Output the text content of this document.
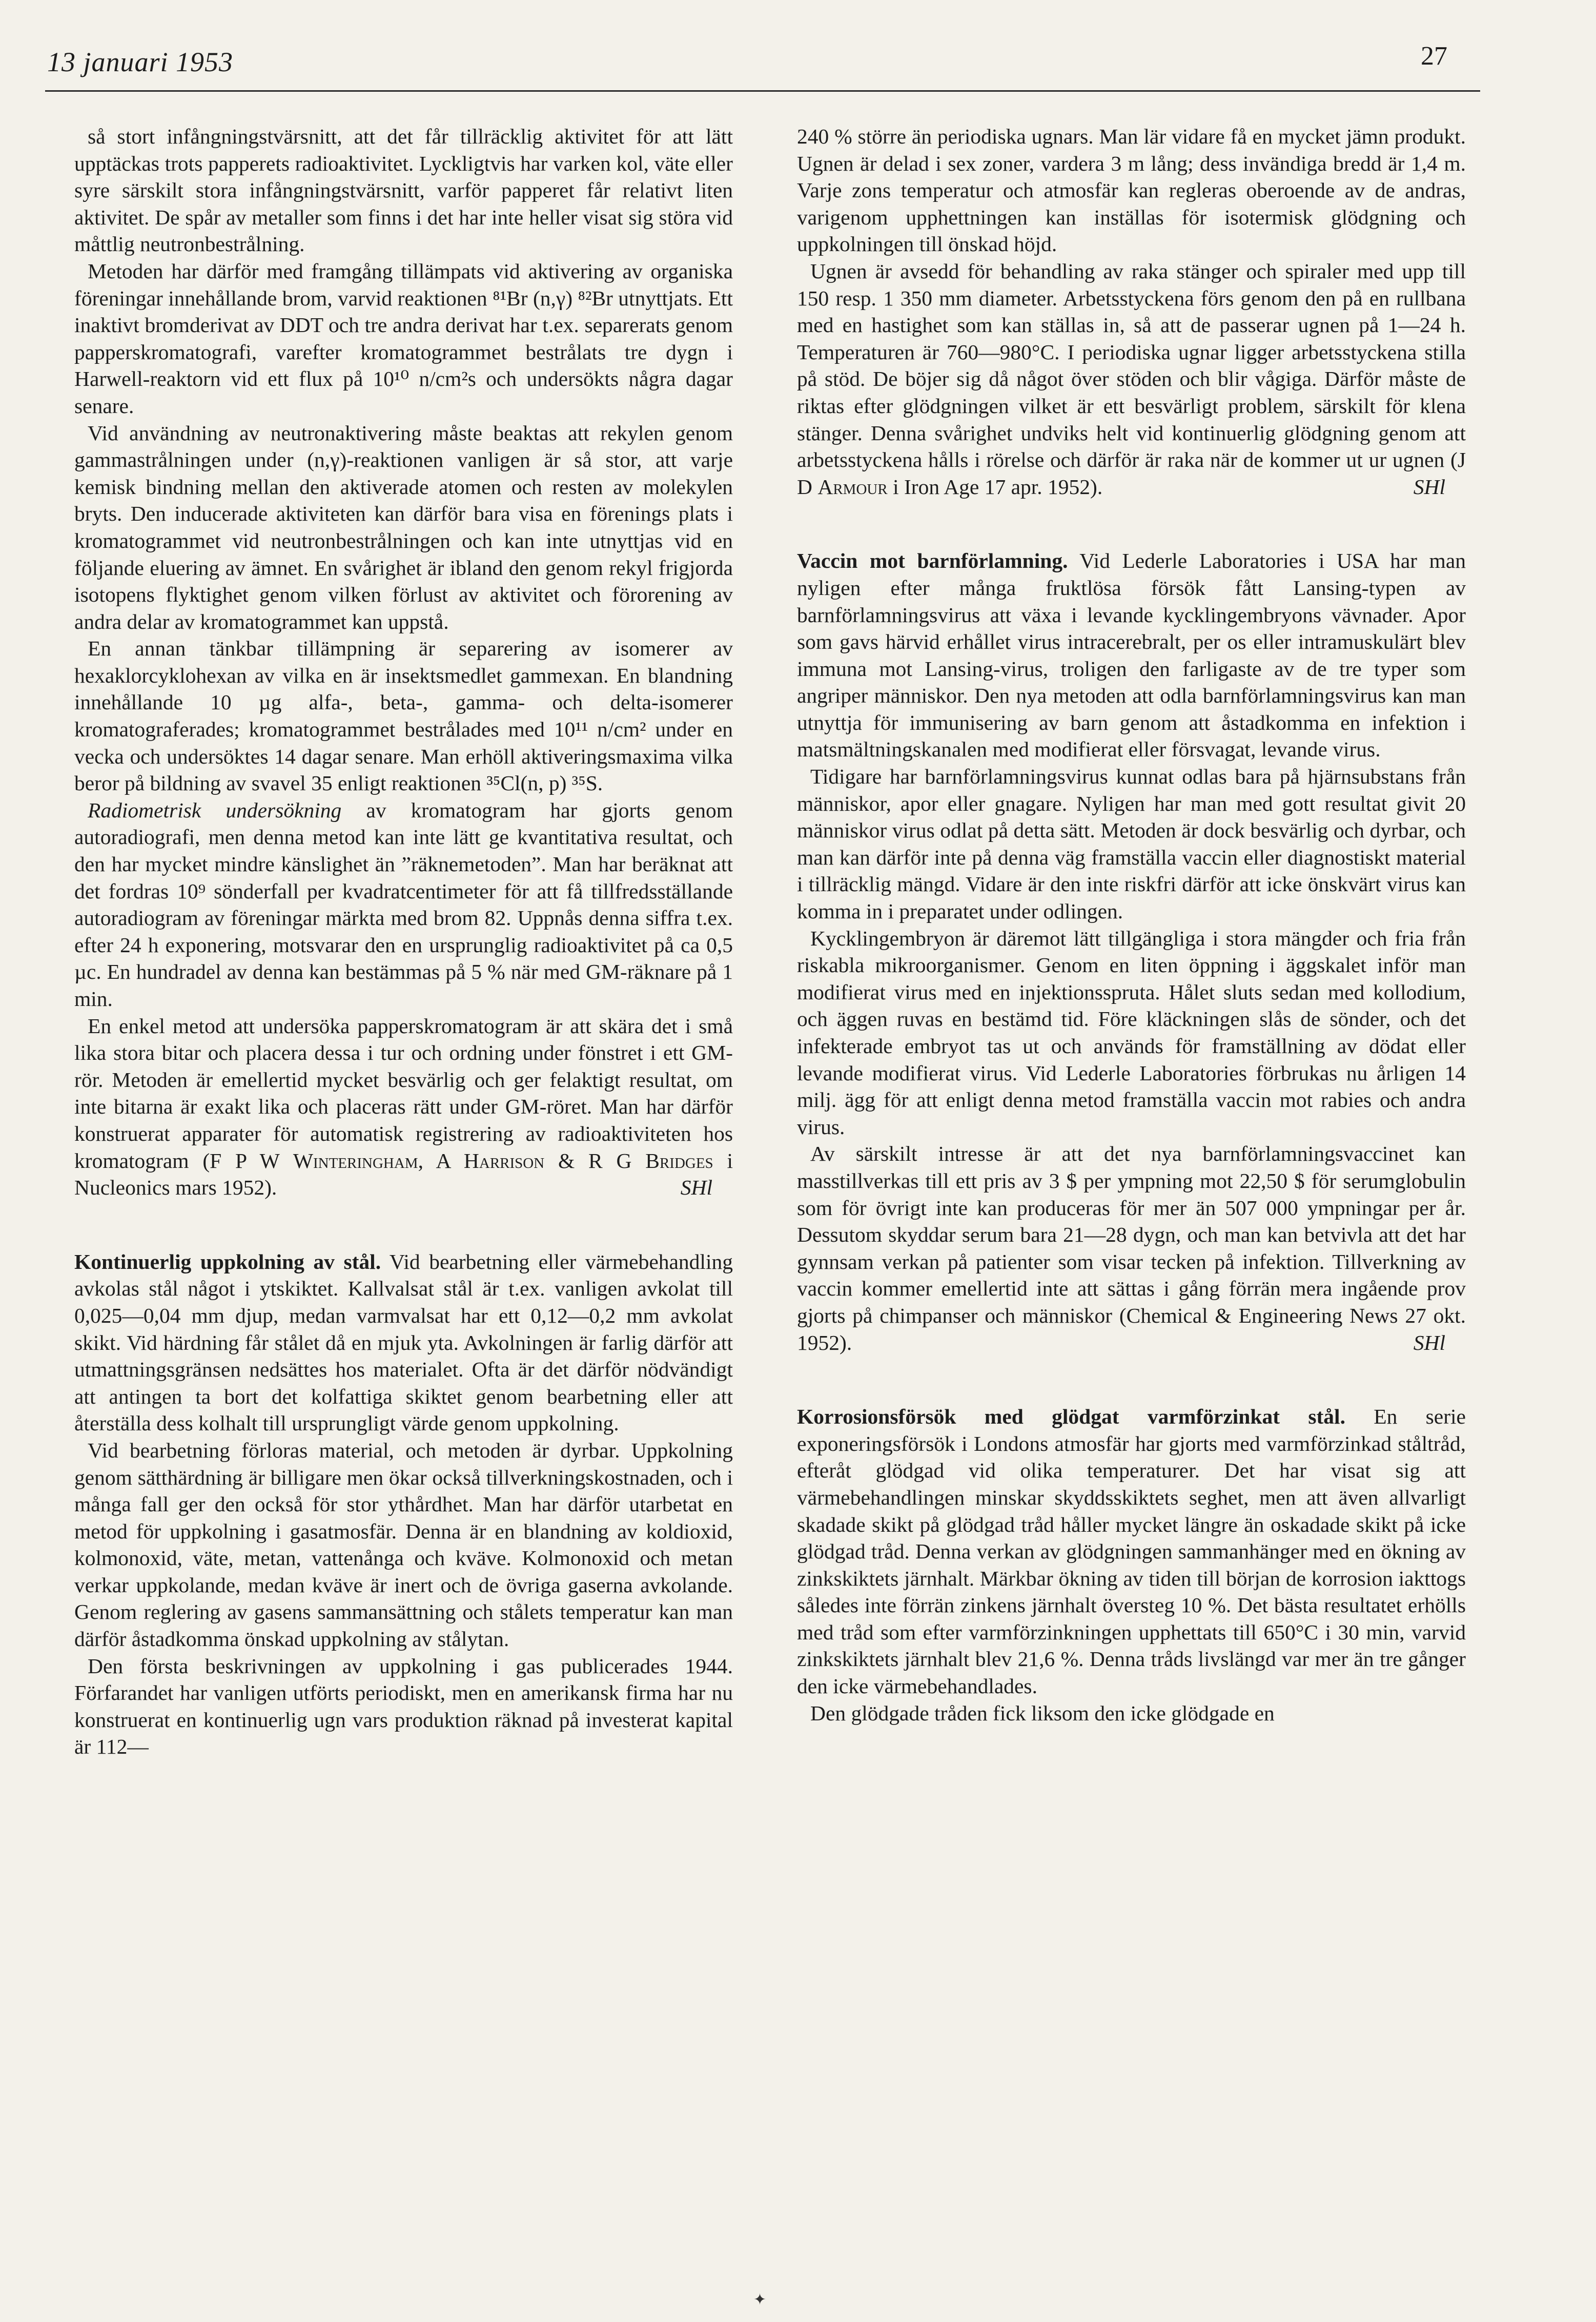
13 januari 1953	27

så stort infångningstvärsnitt, att det får tillräcklig aktivitet för att lätt upptäckas trots papperets radioaktivitet. Lyckligtvis har varken kol, väte eller syre särskilt stora infångningstvärsnitt, varför papperet får relativt liten aktivitet. De spår av metaller som finns i det har inte heller visat sig störa vid måttlig neutronbestrålning.

Metoden har därför med framgång tillämpats vid aktivering av organiska föreningar innehållande brom, varvid reaktionen ⁸¹Br (n,γ) ⁸²Br utnyttjats. Ett inaktivt bromderivat av DDT och tre andra derivat har t.ex. separerats genom papperskromatografi, varefter kromatogrammet bestrålats tre dygn i Harwell-reaktorn vid ett flux på 10¹⁰ n/cm²s och undersökts några dagar senare.

Vid användning av neutronaktivering måste beaktas att rekylen genom gammastrålningen under (n,γ)-reaktionen vanligen är så stor, att varje kemisk bindning mellan den aktiverade atomen och resten av molekylen bryts. Den inducerade aktiviteten kan därför bara visa en förenings plats i kromatogrammet vid neutronbestrålningen och kan inte utnyttjas vid en följande eluering av ämnet. En svårighet är ibland den genom rekyl frigjorda isotopens flyktighet genom vilken förlust av aktivitet och förorening av andra delar av kromatogrammet kan uppstå.

En annan tänkbar tillämpning är separering av isomerer av hexaklorcyklohexan av vilka en är insektsmedlet gammexan. En blandning innehållande 10 µg alfa-, beta-, gamma- och delta-isomerer kromatograferades; kromatogrammet bestrålades med 10¹¹ n/cm² under en vecka och undersöktes 14 dagar senare. Man erhöll aktiveringsmaxima vilka beror på bildning av svavel 35 enligt reaktionen ³⁵Cl(n, p) ³⁵S.

Radiometrisk undersökning av kromatogram har gjorts genom autoradiografi, men denna metod kan inte lätt ge kvantitativa resultat, och den har mycket mindre känslighet än ”räknemetoden”. Man har beräknat att det fordras 10⁹ sönderfall per kvadratcentimeter för att få tillfredsställande autoradiogram av föreningar märkta med brom 82. Uppnås denna siffra t.ex. efter 24 h exponering, motsvarar den en ursprunglig radioaktivitet på ca 0,5 µc. En hundradel av denna kan bestämmas på 5 % när med GM-räknare på 1 min.

En enkel metod att undersöka papperskromatogram är att skära det i små lika stora bitar och placera dessa i tur och ordning under fönstret i ett GM-rör. Metoden är emellertid mycket besvärlig och ger felaktigt resultat, om inte bitarna är exakt lika och placeras rätt under GM-röret. Man har därför konstruerat apparater för automatisk registrering av radioaktiviteten hos kromatogram (F P W Winteringham, A Harrison & R G Bridges i Nucleonics mars 1952).	SHl

Kontinuerlig uppkolning av stål. Vid bearbetning eller värmebehandling avkolas stål något i ytskiktet. Kallvalsat stål är t.ex. vanligen avkolat till 0,025—0,04 mm djup, medan varmvalsat har ett 0,12—0,2 mm avkolat skikt. Vid härdning får stålet då en mjuk yta. Avkolningen är farlig därför att utmattningsgränsen nedsättes hos materialet. Ofta är det därför nödvändigt att antingen ta bort det kolfattiga skiktet genom bearbetning eller att återställa dess kolhalt till ursprungligt värde genom uppkolning.

Vid bearbetning förloras material, och metoden är dyrbar. Uppkolning genom sätthärdning är billigare men ökar också tillverkningskostnaden, och i många fall ger den också för stor ythårdhet. Man har därför utarbetat en metod för uppkolning i gasatmosfär. Denna är en blandning av koldioxid, kolmonoxid, väte, metan, vattenånga och kväve. Kolmonoxid och metan verkar uppkolande, medan kväve är inert och de övriga gaserna avkolande. Genom reglering av gasens sammansättning och stålets temperatur kan man därför åstadkomma önskad uppkolning av stålytan.

Den första beskrivningen av uppkolning i gas publicerades 1944. Förfarandet har vanligen utförts periodiskt, men en amerikansk firma har nu konstruerat en kontinuerlig ugn vars produktion räknad på investerat kapital är 112—

240 % större än periodiska ugnars. Man lär vidare få en mycket jämn produkt. Ugnen är delad i sex zoner, vardera 3 m lång; dess invändiga bredd är 1,4 m. Varje zons temperatur och atmosfär kan regleras oberoende av de andras, varigenom upphettningen kan inställas för isotermisk glödgning och uppkolningen till önskad höjd.

Ugnen är avsedd för behandling av raka stänger och spiraler med upp till 150 resp. 1 350 mm diameter. Arbetsstyckena förs genom den på en rullbana med en hastighet som kan ställas in, så att de passerar ugnen på 1—24 h. Temperaturen är 760—980°C. I periodiska ugnar ligger arbetsstyckena stilla på stöd. De böjer sig då något över stöden och blir vågiga. Därför måste de riktas efter glödgningen vilket är ett besvärligt problem, särskilt för klena stänger. Denna svårighet undviks helt vid kontinuerlig glödgning genom att arbetsstyckena hålls i rörelse och därför är raka när de kommer ut ur ugnen (J D Armour i Iron Age 17 apr. 1952).	SHl

Vaccin mot barnförlamning. Vid Lederle Laboratories i USA har man nyligen efter många fruktlösa försök fått Lansing-typen av barnförlamningsvirus att växa i levande kycklingembryons vävnader. Apor som gavs härvid erhållet virus intracerebralt, per os eller intramuskulärt blev immuna mot Lansing-virus, troligen den farligaste av de tre typer som angriper människor. Den nya metoden att odla barnförlamningsvirus kan man utnyttja för immunisering av barn genom att åstadkomma en infektion i matsmältningskanalen med modifierat eller försvagat, levande virus.

Tidigare har barnförlamningsvirus kunnat odlas bara på hjärnsubstans från människor, apor eller gnagare. Nyligen har man med gott resultat givit 20 människor virus odlat på detta sätt. Metoden är dock besvärlig och dyrbar, och man kan därför inte på denna väg framställa vaccin eller diagnostiskt material i tillräcklig mängd. Vidare är den inte riskfri därför att icke önskvärt virus kan komma in i preparatet under odlingen.

Kycklingembryon är däremot lätt tillgängliga i stora mängder och fria från riskabla mikroorganismer. Genom en liten öppning i äggskalet inför man modifierat virus med en injektionsspruta. Hålet sluts sedan med kollodium, och äggen ruvas en bestämd tid. Före kläckningen slås de sönder, och det infekterade embryot tas ut och används för framställning av dödat eller levande modifierat virus. Vid Lederle Laboratories förbrukas nu årligen 14 milj. ägg för att enligt denna metod framställa vaccin mot rabies och andra virus.

Av särskilt intresse är att det nya barnförlamningsvaccinet kan masstillverkas till ett pris av 3 $ per ympning mot 22,50 $ för serumglobulin som för övrigt inte kan produceras för mer än 507 000 ympningar per år. Dessutom skyddar serum bara 21—28 dygn, och man kan betvivla att det har gynnsam verkan på patienter som visar tecken på infektion. Tillverkning av vaccin kommer emellertid inte att sättas i gång förrän mera ingående prov gjorts på chimpanser och människor (Chemical & Engineering News 27 okt. 1952).	SHl

Korrosionsförsök med glödgat varmförzinkat stål. En serie exponeringsförsök i Londons atmosfär har gjorts med varmförzinkad ståltråd, efteråt glödgad vid olika temperaturer. Det har visat sig att värmebehandlingen minskar skyddsskiktets seghet, men att även allvarligt skadade skikt på glödgad tråd håller mycket längre än oskadade skikt på icke glödgad tråd. Denna verkan av glödgningen sammanhänger med en ökning av zinkskiktets järnhalt. Märkbar ökning av tiden till början de korrosion iakttogs således inte förrän zinkens järnhalt översteg 10 %. Det bästa resultatet erhölls med tråd som efter varmförzinkningen upphettats till 650°C i 30 min, varvid zinkskiktets järnhalt blev 21,6 %. Denna tråds livslängd var mer än tre gånger den icke värmebehandlades.

Den glödgade tråden fick liksom den icke glödgade en

✦
